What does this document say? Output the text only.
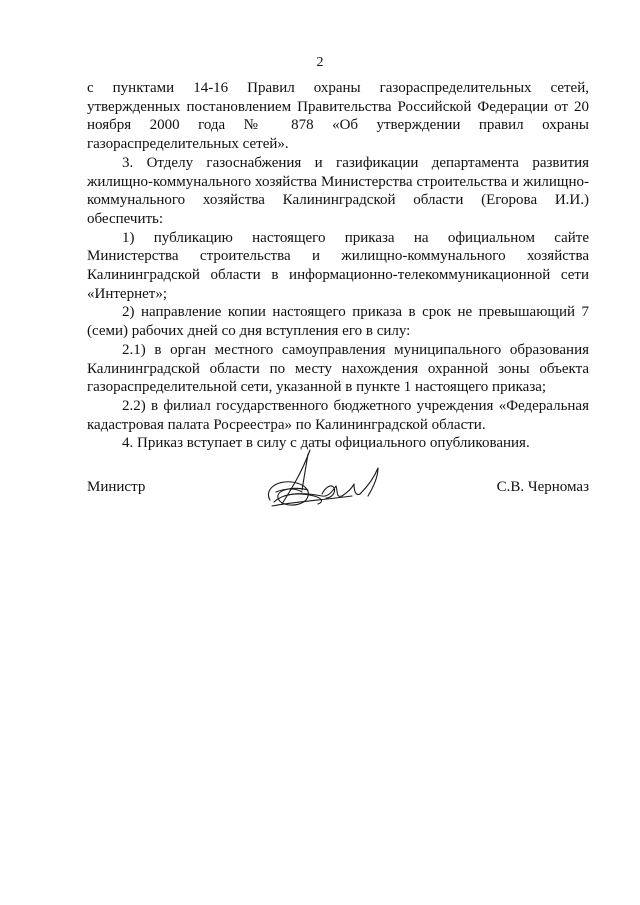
2

с пунктами 14-16 Правил охраны газораспределительных сетей, утвержденных постановлением Правительства Российской Федерации от 20 ноября 2000 года № 878 «Об утверждении правил охраны газораспределительных сетей».

3. Отделу газоснабжения и газификации департамента развития жилищно-коммунального хозяйства Министерства строительства и жилищно-коммунального хозяйства Калининградской области (Егорова И.И.) обеспечить:

1) публикацию настоящего приказа на официальном сайте Министерства строительства и жилищно-коммунального хозяйства Калининградской области в информационно-телекоммуникационной сети «Интернет»;

2) направление копии настоящего приказа в срок не превышающий 7 (семи) рабочих дней со дня вступления его в силу:

2.1) в орган местного самоуправления муниципального образования Калининградской области по месту нахождения охранной зоны объекта газораспределительной сети, указанной в пункте 1 настоящего приказа;

2.2) в филиал государственного бюджетного учреждения «Федеральная кадастровая палата Росреестра» по Калининградской области.

4. Приказ вступает в силу с даты официального опубликования.

Министр	С.В. Черномаз
